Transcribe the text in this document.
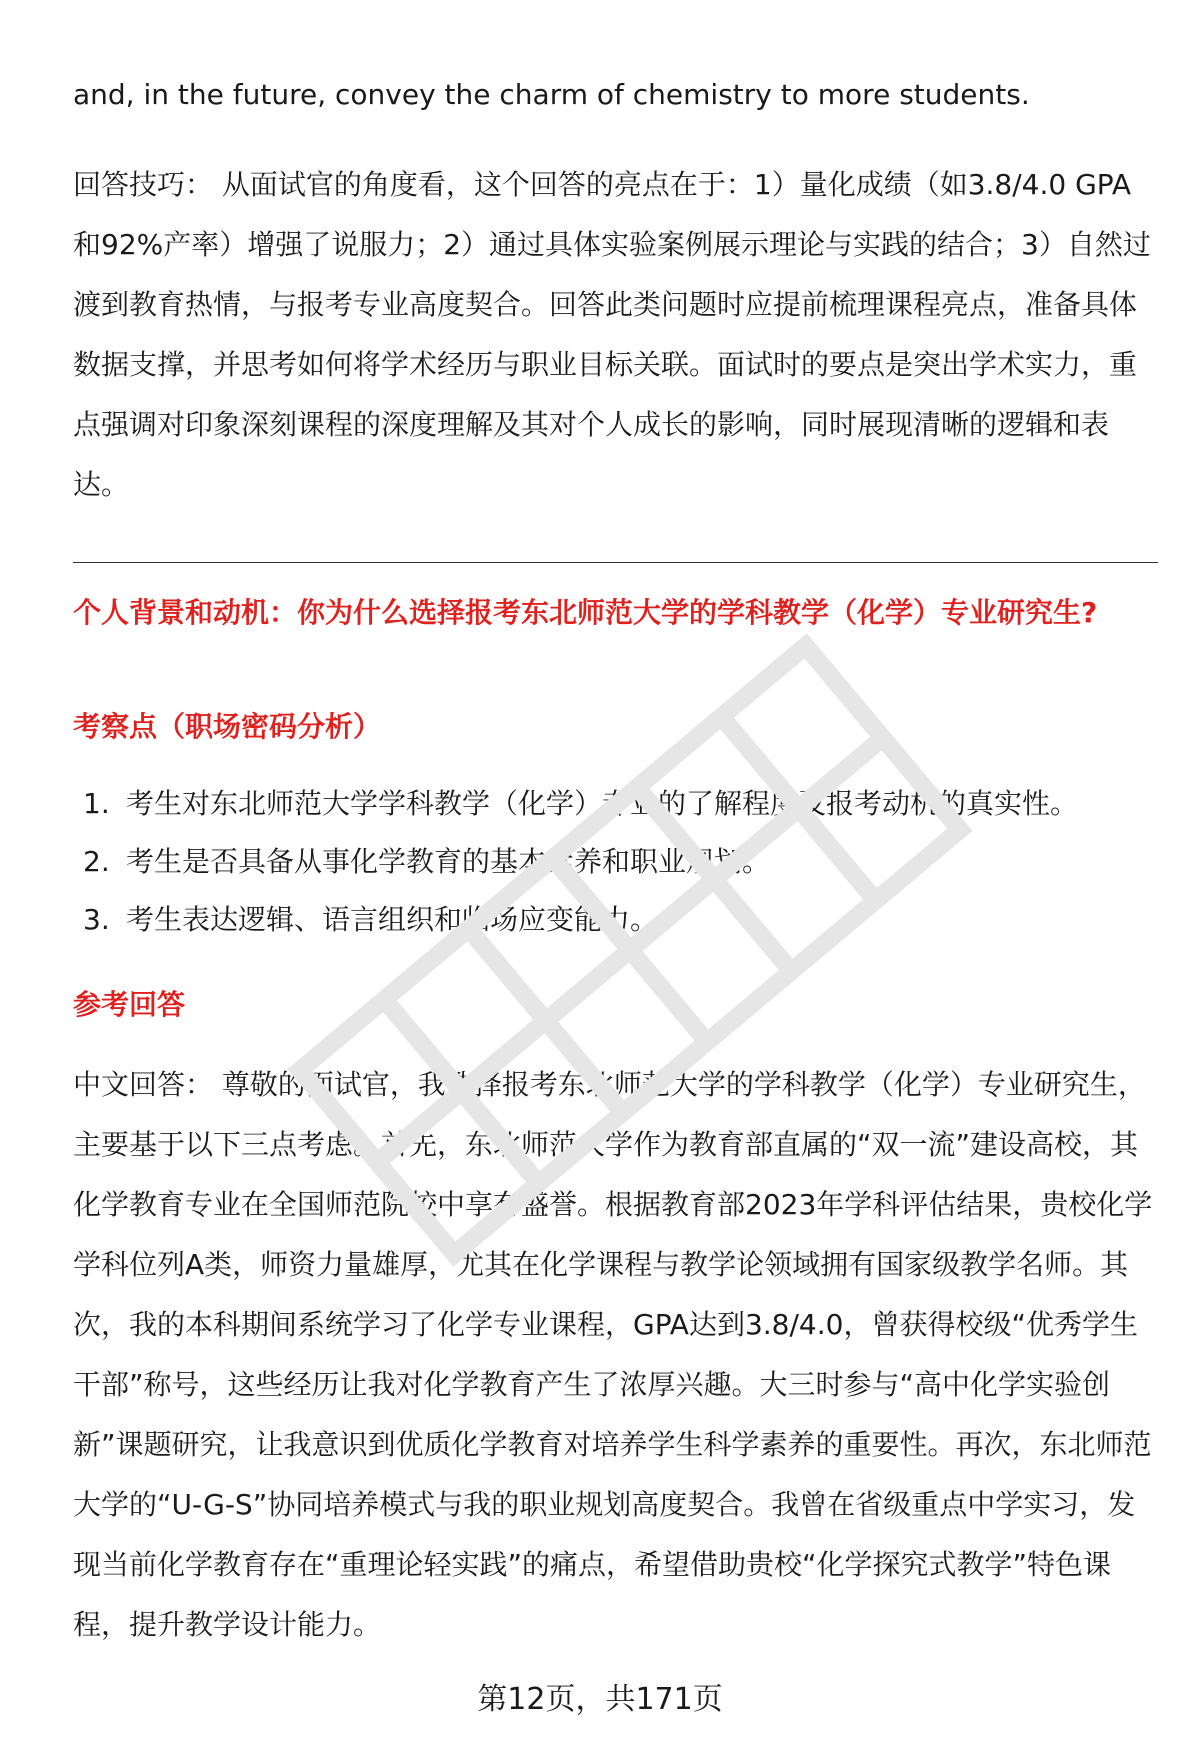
and, in the future, convey the charm of chemistry to more students.

回答技巧： 从面试官的角度看，这个回答的亮点在于：1）量化成绩（如3.8/4.0 GPA和92%产率）增强了说服力；2）通过具体实验案例展示理论与实践的结合；3）自然过渡到教育热情，与报考专业高度契合。回答此类问题时应提前梳理课程亮点，准备具体数据支撑，并思考如何将学术经历与职业目标关联。面试时的要点是突出学术实力，重点强调对印象深刻课程的深度理解及其对个人成长的影响，同时展现清晰的逻辑和表达。

个人背景和动机：你为什么选择报考东北师范大学的学科教学（化学）专业研究生?
考察点（职场密码分析）
1. 考生对东北师范大学学科教学（化学）专业的了解程度及报考动机的真实性。
2. 考生是否具备从事化学教育的基本素养和职业规划。
3. 考生表达逻辑、语言组织和临场应变能力。
参考回答

中文回答： 尊敬的面试官，我选择报考东北师范大学的学科教学（化学）专业研究生，主要基于以下三点考虑。首先，东北师范大学作为教育部直属的“双一流”建设高校，其化学教育专业在全国师范院校中享有盛誉。根据教育部2023年学科评估结果，贵校化学学科位列A类，师资力量雄厚，尤其在化学课程与教学论领域拥有国家级教学名师。其次，我的本科期间系统学习了化学专业课程，GPA达到3.8/4.0，曾获得校级“优秀学生干部”称号，这些经历让我对化学教育产生了浓厚兴趣。大三时参与“高中化学实验创新”课题研究，让我意识到优质化学教育对培养学生科学素养的重要性。再次，东北师范大学的“U-G-S”协同培养模式与我的职业规划高度契合。我曾在省级重点中学实习，发现当前化学教育存在“重理论轻实践”的痛点，希望借助贵校“化学探究式教学”特色课程，提升教学设计能力。

第12页，共171页
